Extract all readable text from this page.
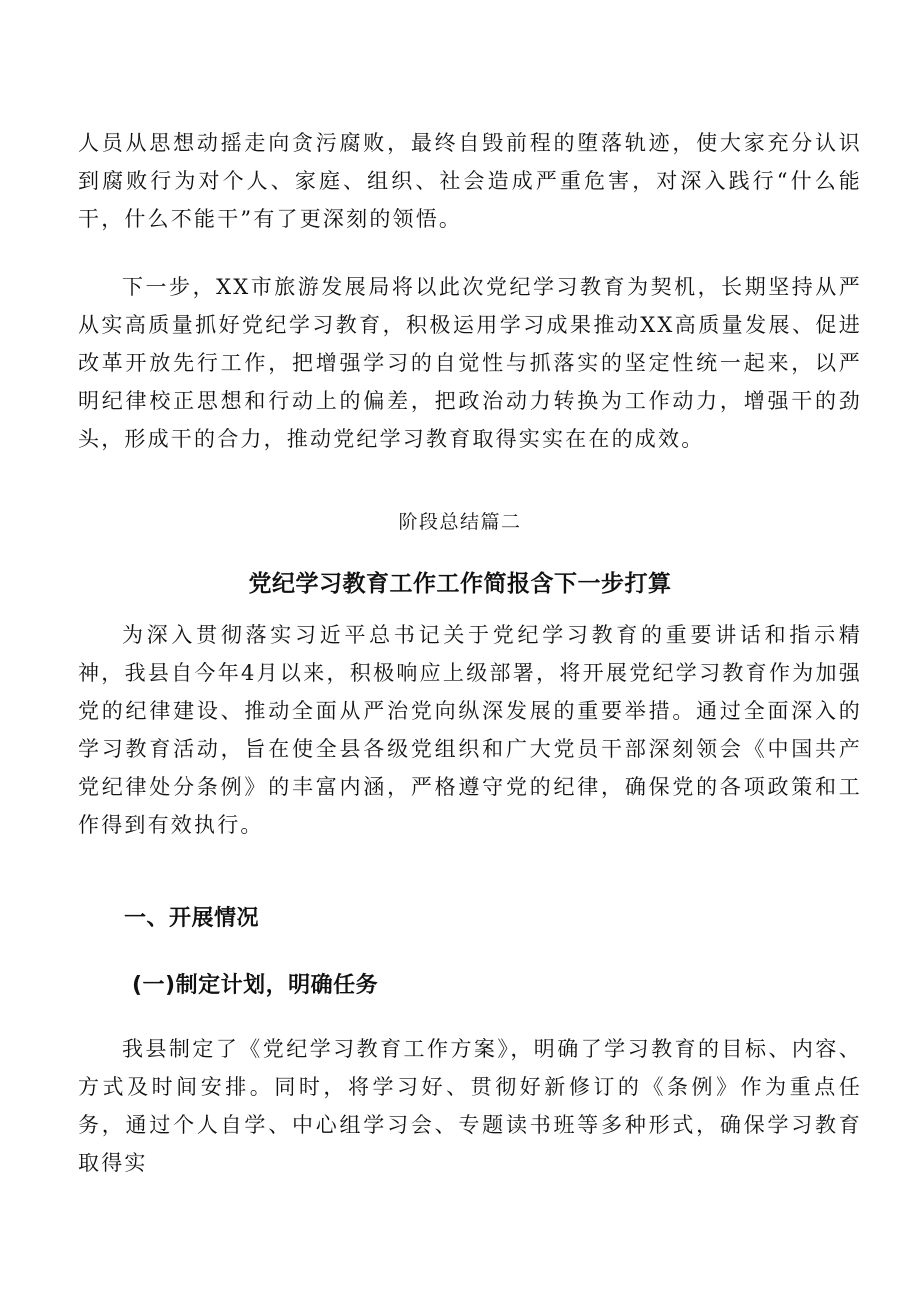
人员从思想动摇走向贪污腐败，最终自毁前程的堕落轨迹，使大家充分认识到腐败行为对个人、家庭、组织、社会造成严重危害，对深入践行“什么能干，什么不能干”有了更深刻的领悟。

下一步，XX市旅游发展局将以此次党纪学习教育为契机，长期坚持从严从实高质量抓好党纪学习教育，积极运用学习成果推动XX高质量发展、促进改革开放先行工作，把增强学习的自觉性与抓落实的坚定性统一起来，以严明纪律校正思想和行动上的偏差，把政治动力转换为工作动力，增强干的劲头，形成干的合力，推动党纪学习教育取得实实在在的成效。

阶段总结篇二

党纪学习教育工作工作简报含下一步打算

为深入贯彻落实习近平总书记关于党纪学习教育的重要讲话和指示精神，我县自今年4月以来，积极响应上级部署，将开展党纪学习教育作为加强党的纪律建设、推动全面从严治党向纵深发展的重要举措。通过全面深入的学习教育活动，旨在使全县各级党组织和广大党员干部深刻领会《中国共产党纪律处分条例》的丰富内涵，严格遵守党的纪律，确保党的各项政策和工作得到有效执行。

一、开展情况
(一)制定计划，明确任务

我县制定了《党纪学习教育工作方案》，明确了学习教育的目标、内容、方式及时间安排。同时，将学习好、贯彻好新修订的《条例》作为重点任务，通过个人自学、中心组学习会、专题读书班等多种形式，确保学习教育取得实
